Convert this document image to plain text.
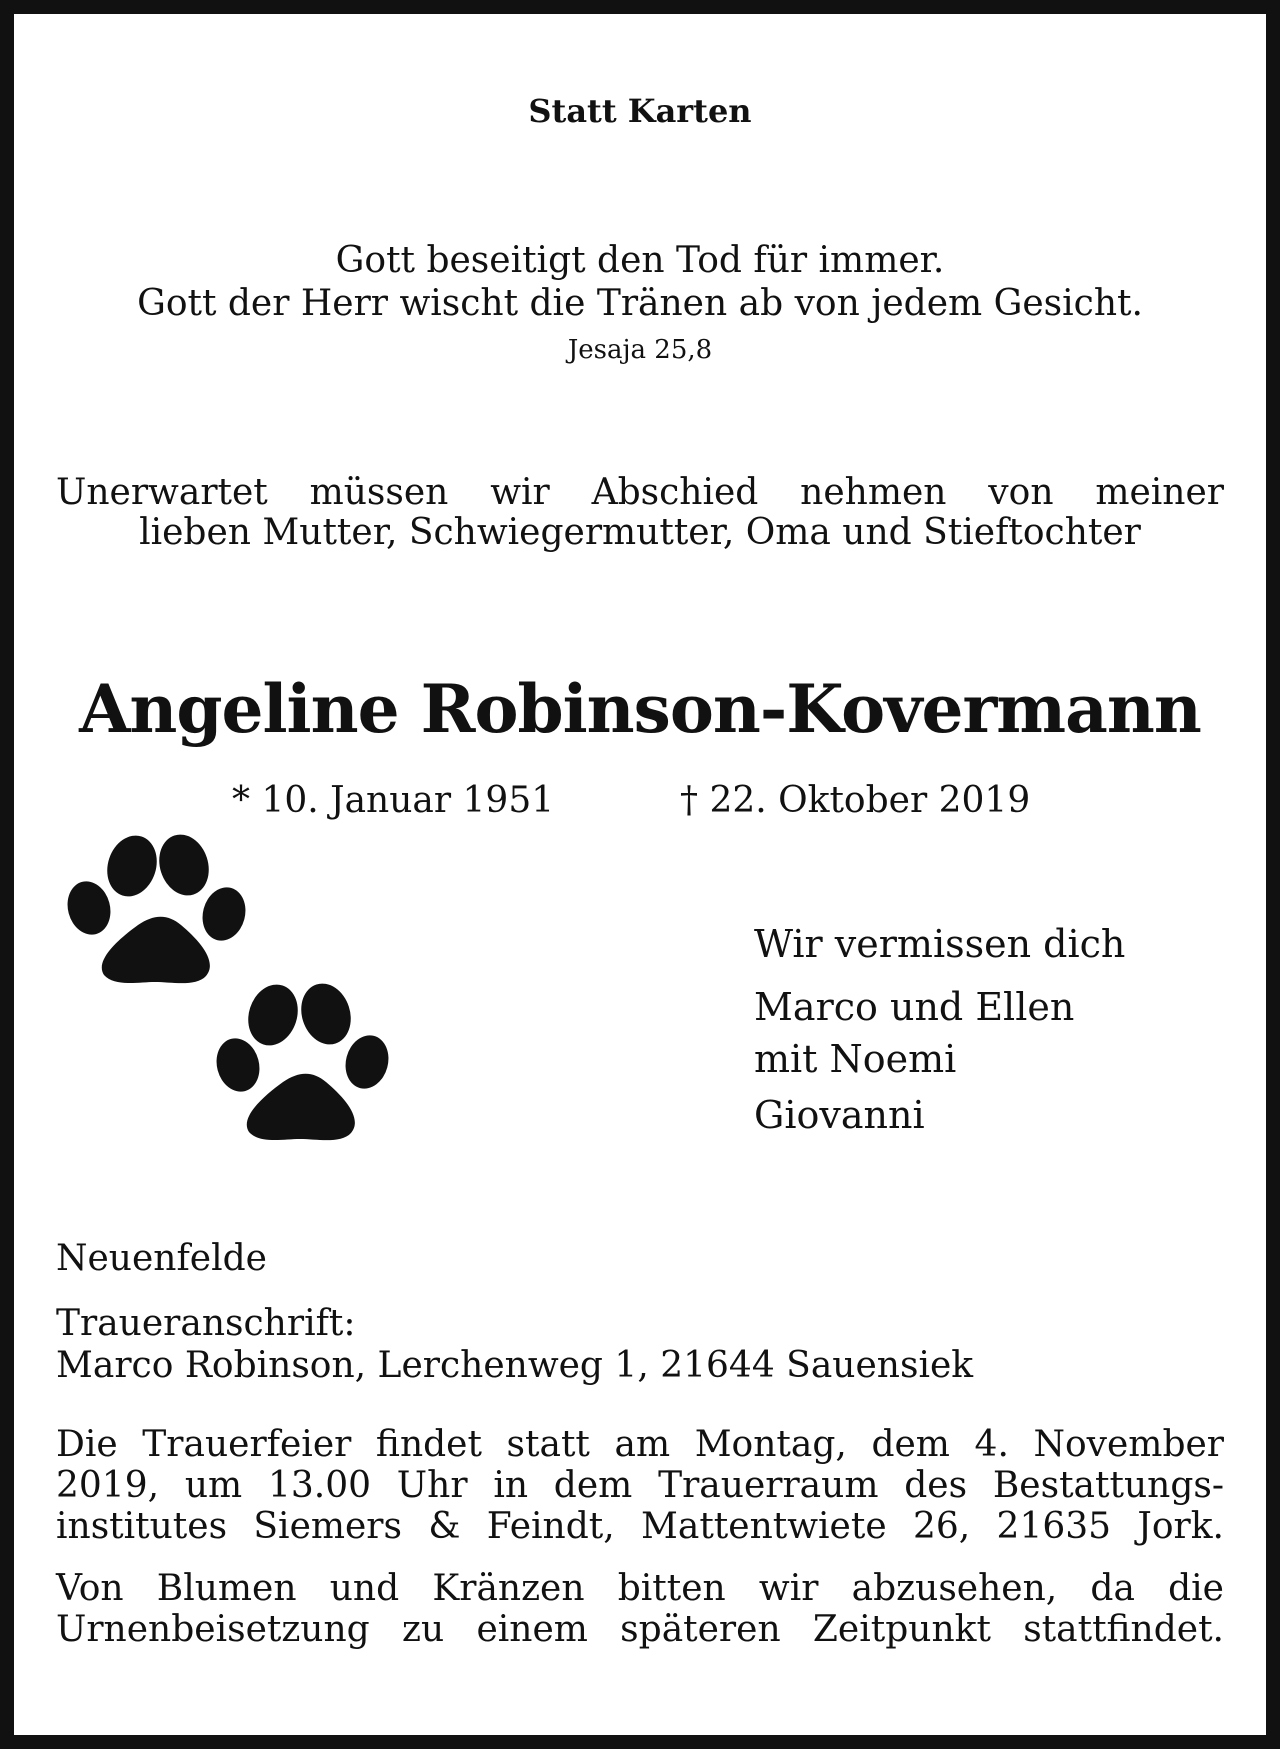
Statt Karten
Gott beseitigt den Tod für immer.
Gott der Herr wischt die Tränen ab von jedem Gesicht.
Jesaja 25,8
Unerwartet müssen wir Abschied nehmen von meiner
lieben Mutter, Schwiegermutter, Oma und Stieftochter
Angeline Robinson-Kovermann
* 10. Januar 1951	† 22. Oktober 2019
Wir vermissen dich
Marco und Ellen
mit Noemi
Giovanni
Neuenfelde
Traueranschrift:
Marco Robinson, Lerchenweg 1, 21644 Sauensiek
Die Trauerfeier findet statt am Montag, dem 4. November
2019, um 13.00 Uhr in dem Trauerraum des Bestattungs-
institutes Siemers & Feindt, Mattentwiete 26, 21635 Jork.
Von Blumen und Kränzen bitten wir abzusehen, da die
Urnenbeisetzung zu einem späteren Zeitpunkt stattfindet.
